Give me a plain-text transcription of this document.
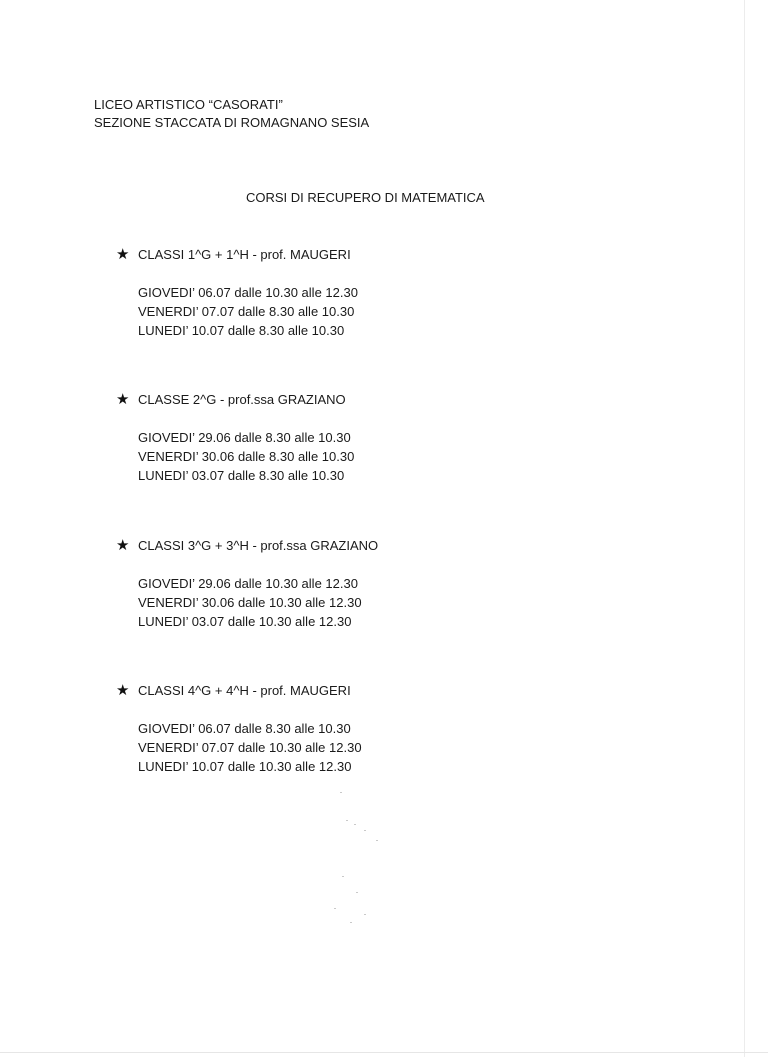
LICEO ARTISTICO “CASORATI”
SEZIONE STACCATA DI ROMAGNANO SESIA
CORSI DI RECUPERO DI MATEMATICA
★ CLASSI 1^G + 1^H - prof. MAUGERI
GIOVEDI’ 06.07 dalle 10.30 alle 12.30
VENERDI’ 07.07 dalle 8.30 alle 10.30
LUNEDI’ 10.07 dalle 8.30 alle 10.30
★ CLASSE 2^G - prof.ssa GRAZIANO
GIOVEDI’ 29.06 dalle 8.30 alle 10.30
VENERDI’ 30.06 dalle 8.30 alle 10.30
LUNEDI’ 03.07 dalle 8.30 alle 10.30
★ CLASSI 3^G + 3^H - prof.ssa GRAZIANO
GIOVEDI’ 29.06 dalle 10.30 alle 12.30
VENERDI’ 30.06 dalle 10.30 alle 12.30
LUNEDI’ 03.07 dalle 10.30 alle 12.30
★ CLASSI 4^G + 4^H - prof. MAUGERI
GIOVEDI’ 06.07 dalle 8.30 alle 10.30
VENERDI’ 07.07 dalle 10.30 alle 12.30
LUNEDI’ 10.07 dalle 10.30 alle 12.30
